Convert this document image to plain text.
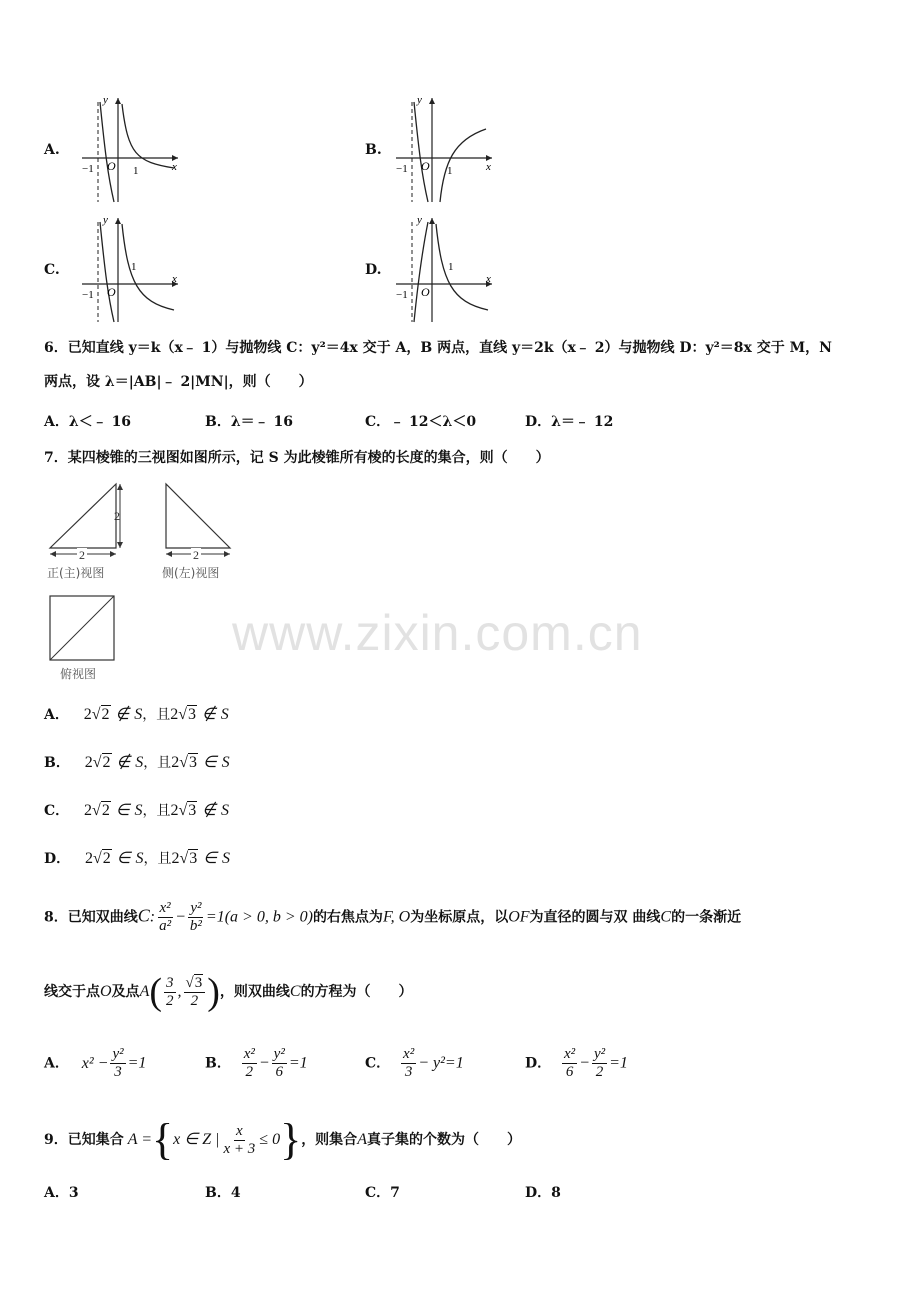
A.	B.
C.	D.
y
x
−1 O 1
y
x
−1 O 1
y
x
−1 O
1
y
x
−1 O
1
6．已知直线 y＝k（x﹣ 1）与抛物线 C：y²＝4x 交于 A，B 两点，直线 y＝2k（x﹣ 2）与抛物线 D：y²＝8x 交于 M，N
两点，设 λ＝|AB|﹣ 2|MN|，则（　　）
A．λ＜﹣ 16	B．λ＝﹣ 16	C．﹣ 12＜λ＜0	D．λ＝﹣ 12
7．某四棱锥的三视图如图所示，记 S 为此棱锥所有棱的长度的集合，则（　　）
2
2
正(主)视图
2
侧(左)视图
俯视图
A． 2√2 ∉ S，且2√3 ∉ S
B． 2√2 ∉ S，且2√3 ∈ S
C． 2√2 ∈ S，且2√3 ∉ S
D． 2√2 ∈ S，且2√3 ∈ S
www.zixin.com.cn
8．已知双曲线C: $\frac{\text{x²}}{\text{a²}} - \frac{\text{y²}}{\text{b²}} =1(a > 0$, b > 0)的右焦点为F, O为坐标原点，以OF为直径的圆与双 曲线C的一条渐近
线交于点O及点$A( \frac{3}{2}$ , $\frac{√3}{2}$ )，则双曲线C的方程为（　　）
A． $x^2 - \frac{\text{y²}}{3} =1$	B． $\frac{\text{x²}}{2} - \frac{\text{y²}}{6} =1$	C． $\frac{\text{x²}}{3} - y^2=1$	D． $\frac{\text{x²}}{6} - \frac{\text{y²}}{2} =1$
9．已知集合 A ={x ∈ Z | $\frac{x}{x + 3} \le 0$}，则集合A真子集的个数为（　　）
A．3	B．4	C．7	D．8
